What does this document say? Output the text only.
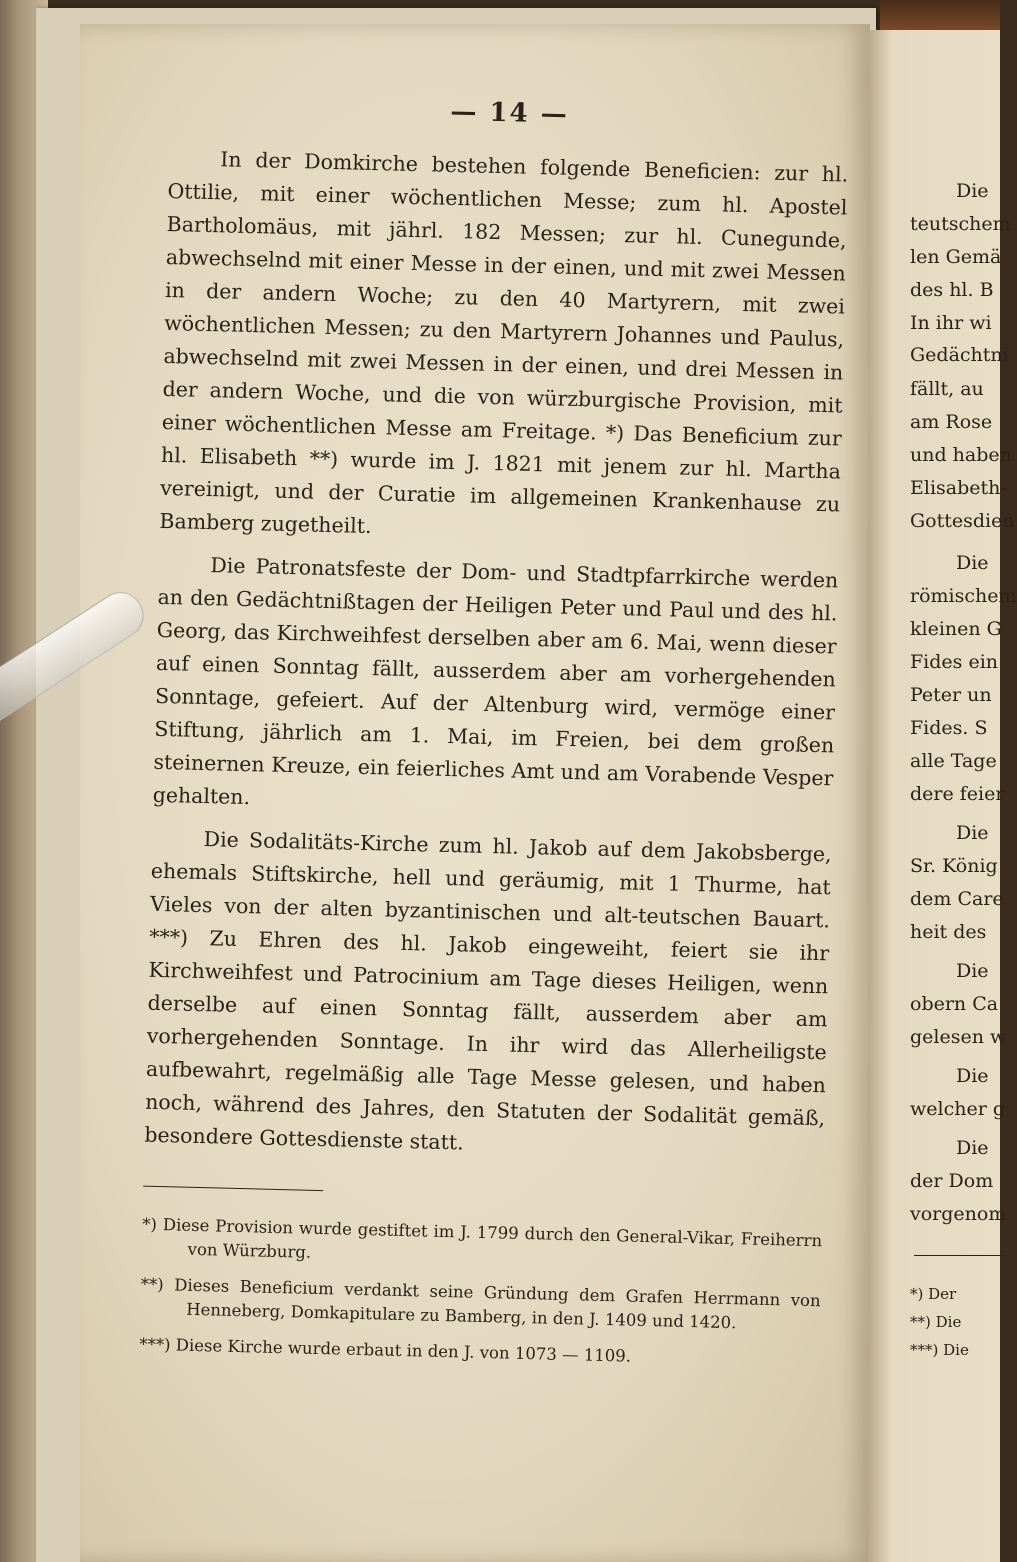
— 14 —

In der Domkirche bestehen folgende Beneficien: zur hl. Ottilie, mit einer wöchentlichen Messe; zum hl. Apostel Bartholomäus, mit jährl. 182 Messen; zur hl. Cunegunde, abwechselnd mit einer Messe in der einen, und mit zwei Messen in der andern Woche; zu den 40 Martyrern, mit zwei wöchentlichen Messen; zu den Martyrern Johannes und Paulus, abwechselnd mit zwei Messen in der einen, und drei Messen in der andern Woche, und die von würzburgische Provision, mit einer wöchentlichen Messe am Freitage. *) Das Beneficium zur hl. Elisabeth **) wurde im J. 1821 mit jenem zur hl. Martha vereinigt, und der Curatie im allgemeinen Krankenhause zu Bamberg zugetheilt.

Die Patronatsfeste der Dom- und Stadtpfarrkirche werden an den Gedächtnißtagen der Heiligen Peter und Paul und des hl. Georg, das Kirchweihfest derselben aber am 6. Mai, wenn dieser auf einen Sonntag fällt, ausserdem aber am vorhergehenden Sonntage, gefeiert. Auf der Altenburg wird, vermöge einer Stiftung, jährlich am 1. Mai, im Freien, bei dem großen steinernen Kreuze, ein feierliches Amt und am Vorabende Vesper gehalten.

Die Sodalitäts-Kirche zum hl. Jakob auf dem Jakobsberge, ehemals Stiftskirche, hell und geräumig, mit 1 Thurme, hat Vieles von der alten byzantinischen und alt-teutschen Bauart. ***) Zu Ehren des hl. Jakob eingeweiht, feiert sie ihr Kirchweihfest und Patrocinium am Tage dieses Heiligen, wenn derselbe auf einen Sonntag fällt, ausserdem aber am vorhergehenden Sonntage. In ihr wird das Allerheiligste aufbewahrt, regelmäßig alle Tage Messe gelesen, und haben noch, während des Jahres, den Statuten der Sodalität gemäß, besondere Gottesdienste statt.

*) Diese Provision wurde gestiftet im J. 1799 durch den General-Vikar, Freiherrn von Würzburg.

**) Dieses Beneficium verdankt seine Gründung dem Grafen Herrmann von Henneberg, Domkapitulare zu Bamberg, in den J. 1409 und 1420.

***) Diese Kirche wurde erbaut in den J. von 1073 — 1109.

Die
teutschem
len Gemä
des hl. B
In ihr wi
Gedächtni
fällt, au
am Rose
und haben
Elisabeth-
Gottesdien
Die
römischem
kleinen G
Fides ein
Peter un
Fides. S
alle Tage
dere feier
Die
Sr. König
dem Care
heit des
Die
obern Ca
gelesen w
Die
welcher g
Die
der Dom
vorgenom
*) Der
**) Die
***) Die
